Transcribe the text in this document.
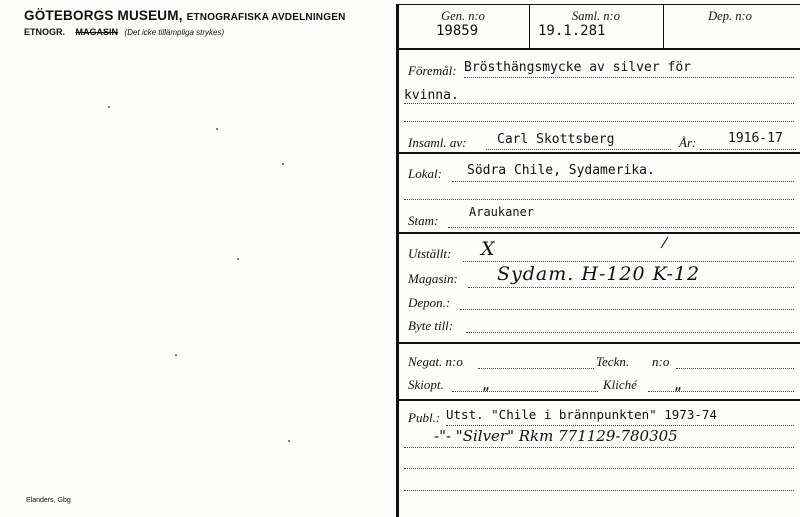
GÖTEBORGS MUSEUM, ETNOGRAFISKA AVDELNINGEN
ETNOGR. MAGASIN (Det icke tillämpliga strykes)
Elanders, Gbg
Gen. n:o
19859
Saml. n:o
19.1.281
Dep. n:o
Föremål: Brösthängsmycke av silver för
kvinna.
Insaml. av: Carl Skottsberg	År: 1916-17
Lokal: Södra Chile, Sydamerika.
Stam:
Araukaner
Utställt: X
Magasin: Sydam. H-120 K-12
Depon.:
Byte till:
Negat. n:o	Teckn. n:o
Skiopt.	„	Kliché	„
Publ.: Utst. "Chile i brännpunkten" 1973-74
-"- "Silver" Rkm 771129-780305
